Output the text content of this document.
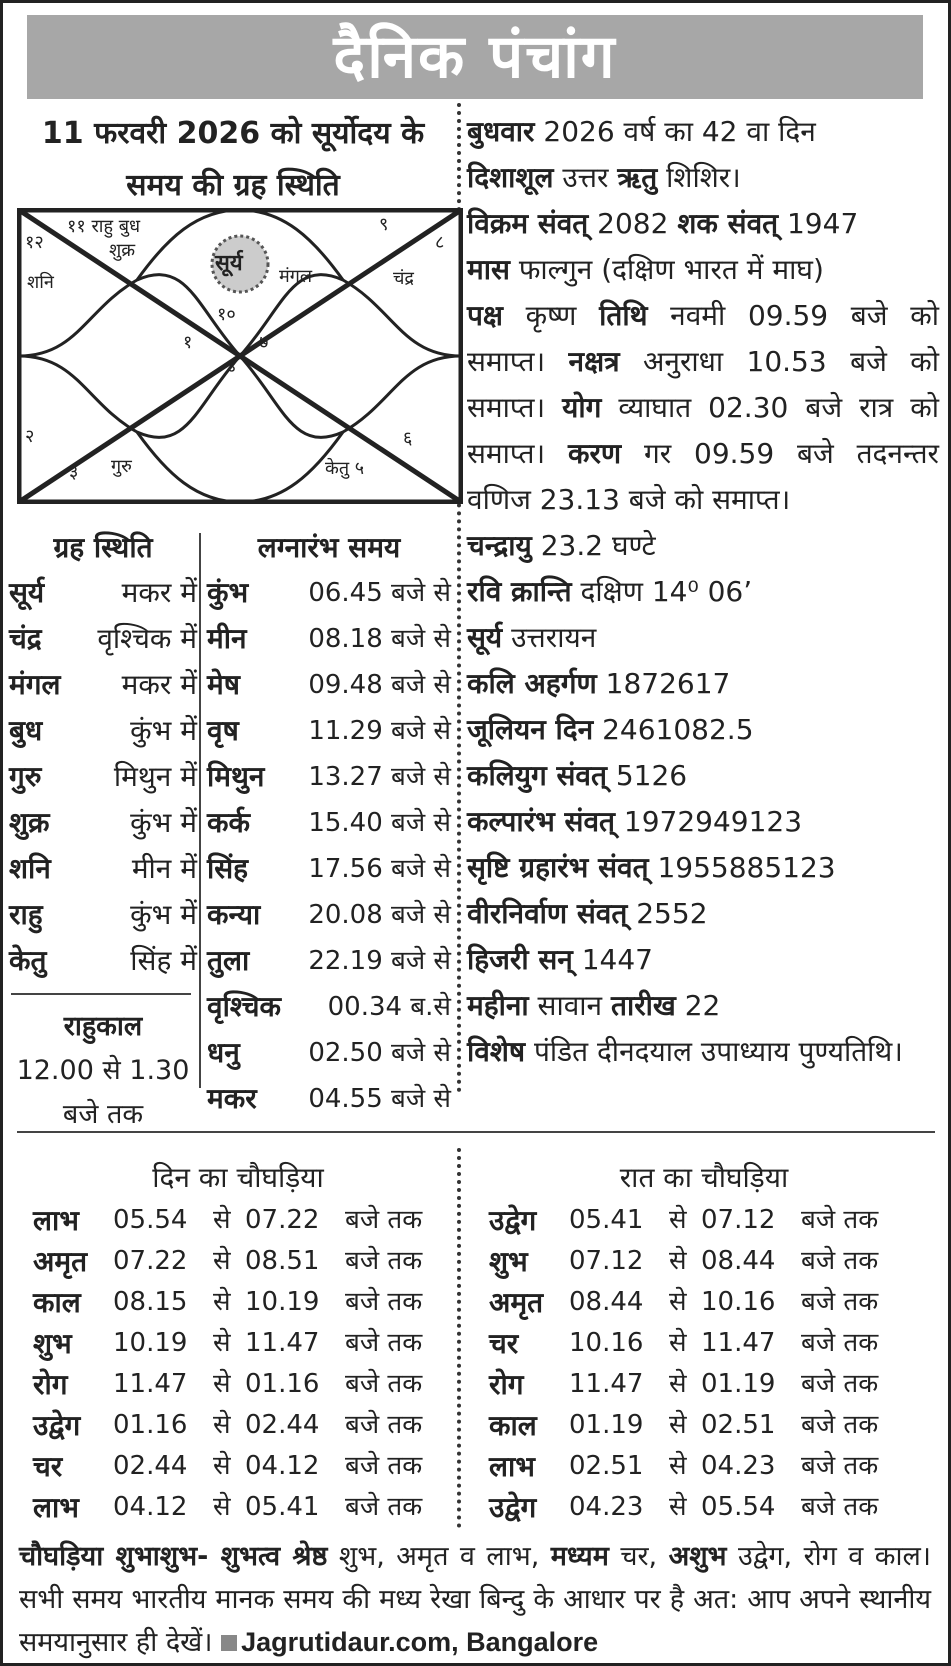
दैनिक पंचांग
11 फरवरी 2026 को सूर्योदय के समय की ग्रह स्थिति
११ राहु बुध
शुक्र
१२
शनि
९
८
चंद्र
सूर्य
मंगल
१०
१	७
४
२
३ गुरु
६
केतु ५

बुधवार 2026 वर्ष का 42 वा दिन

दिशाशूल उत्तर ऋतु शिशिर।

विक्रम संवत् 2082 शक संवत् 1947

मास फाल्गुन (दक्षिण भारत में माघ)

पक्ष कृष्ण तिथि नवमी 09.59 बजे को समाप्त। नक्षत्र अनुराधा 10.53 बजे को समाप्त। योग व्याघात 02.30 बजे रात्र को समाप्त। करण गर 09.59 बजे तदनन्तर वणिज 23.13 बजे को समाप्त।

चन्द्रायु 23.2 घण्टे

रवि क्रान्ति दक्षिण 14⁰ 06’

सूर्य उत्तरायन

कलि अहर्गण 1872617

जूलियन दिन 2461082.5

कलियुग संवत् 5126

कल्पारंभ संवत् 1972949123

सृष्टि ग्रहारंभ संवत् 1955885123

वीरनिर्वाण संवत् 2552

हिजरी सन् 1447

महीना सावान तारीख 22

विशेष पंडित दीनदयाल उपाध्याय पुण्यतिथि।

ग्रह स्थिति
सूर्य	मकर में
चंद्र वृश्चिक में
मंगल मकर में
बुध	कुंभ में
गुरु	मिथुन में
शुक्र	कुंभ में
शनि	मीन में
राहु	कुंभ में
केतु	सिंह में
राहुकाल
12.00 से 1.30
बजे तक
लग्नारंभ समय
कुंभ 06.45 बजे से
मीन 08.18 बजे से
मेष	09.48 बजे से
वृष	11.29 बजे से
मिथुन 13.27 बजे से
कर्क 15.40 बजे से
सिंह 17.56 बजे से
कन्या 20.08 बजे से
तुला 22.19 बजे से
वृश्चिक 00.34 ब.से
धनु	02.50 बजे से
मकर 04.55 बजे से
दिन का चौघड़िया
लाभ	05.54 से 07.22 बजे तक
अमृत 07.22 से 08.51 बजे तक
काल	08.15 से 10.19 बजे तक
शुभ	10.19 से 11.47 बजे तक
रोग	11.47 से 01.16 बजे तक
उद्वेग	01.16 से 02.44 बजे तक
चर	02.44 से 04.12 बजे तक
लाभ	04.12 से 05.41 बजे तक
रात का चौघड़िया
उद्वेग	05.41 से 07.12 बजे तक
शुभ	07.12 से 08.44 बजे तक
अमृत 08.44 से 10.16 बजे तक
चर	10.16 से 11.47 बजे तक
रोग	11.47 से 01.19 बजे तक
काल	01.19 से 02.51 बजे तक
लाभ	02.51 से 04.23 बजे तक
उद्वेग	04.23 से 05.54 बजे तक
चौघड़िया शुभाशुभ- शुभत्व श्रेष्ठ शुभ, अमृत व लाभ, मध्यम चर, अशुभ उद्वेग, रोग व काल। सभी समय भारतीय मानक समय की मध्य रेखा बिन्दु के आधार पर है अत: आप अपने स्थानीय समयानुसार ही देखें। Jagrutidaur.com, Bangalore
